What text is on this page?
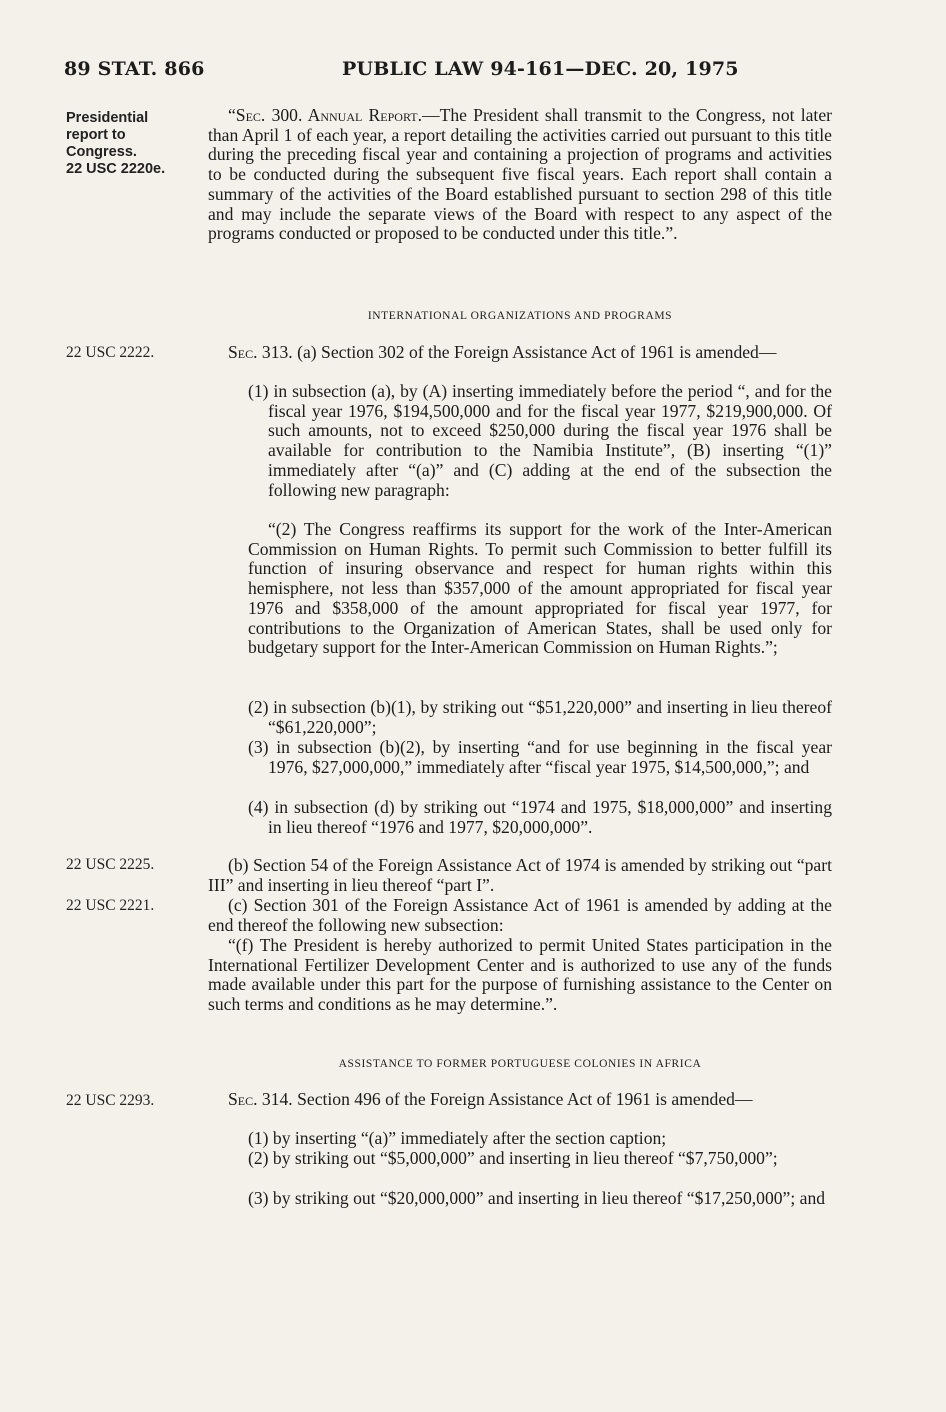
89 STAT. 866	PUBLIC LAW 94-161—DEC. 20, 1975
Presidential
report to
Congress.
22 USC 2220e.

“Sec. 300. Annual Report.—The President shall transmit to the Congress, not later than April 1 of each year, a report detailing the activities carried out pursuant to this title during the preceding fiscal year and containing a projection of programs and activities to be conducted during the subsequent five fiscal years. Each report shall contain a summary of the activities of the Board established pursuant to section 298 of this title and may include the separate views of the Board with respect to any aspect of the programs conducted or proposed to be conducted under this title.”.

INTERNATIONAL ORGANIZATIONS AND PROGRAMS
22 USC 2222.	Sec. 313. (a) Section 302 of the Foreign Assistance Act of 1961 is amended—

(1) in subsection (a), by (A) inserting immediately before the period “, and for the fiscal year 1976, $194,500,000 and for the fiscal year 1977, $219,900,000. Of such amounts, not to exceed $250,000 during the fiscal year 1976 shall be available for contribution to the Namibia Institute”, (B) inserting “(1)” immediately after “(a)” and (C) adding at the end of the subsection the following new paragraph:

“(2) The Congress reaffirms its support for the work of the Inter-American Commission on Human Rights. To permit such Commission to better fulfill its function of insuring observance and respect for human rights within this hemisphere, not less than $357,000 of the amount appropriated for fiscal year 1976 and $358,000 of the amount appropriated for fiscal year 1977, for contributions to the Organization of American States, shall be used only for budgetary support for the Inter-American Commission on Human Rights.”;

(2) in subsection (b)(1), by striking out “$51,220,000” and inserting in lieu thereof “$61,220,000”;

(3) in subsection (b)(2), by inserting “and for use beginning in the fiscal year 1976, $27,000,000,” immediately after “fiscal year 1975, $14,500,000,”; and

(4) in subsection (d) by striking out “1974 and 1975, $18,000,000” and inserting in lieu thereof “1976 and 1977, $20,000,000”.

22 USC 2225.	(b) Section 54 of the Foreign Assistance Act of 1974 is amended by striking out “part III” and inserting in lieu thereof “part I”.

22 USC 2221.	(c) Section 301 of the Foreign Assistance Act of 1961 is amended by adding at the end thereof the following new subsection:

“(f) The President is hereby authorized to permit United States participation in the International Fertilizer Development Center and is authorized to use any of the funds made available under this part for the purpose of furnishing assistance to the Center on such terms and conditions as he may determine.”.

ASSISTANCE TO FORMER PORTUGUESE COLONIES IN AFRICA
22 USC 2293.	Sec. 314. Section 496 of the Foreign Assistance Act of 1961 is amended—

(1) by inserting “(a)” immediately after the section caption;

(2) by striking out “$5,000,000” and inserting in lieu thereof “$7,750,000”;

(3) by striking out “$20,000,000” and inserting in lieu thereof “$17,250,000”; and
